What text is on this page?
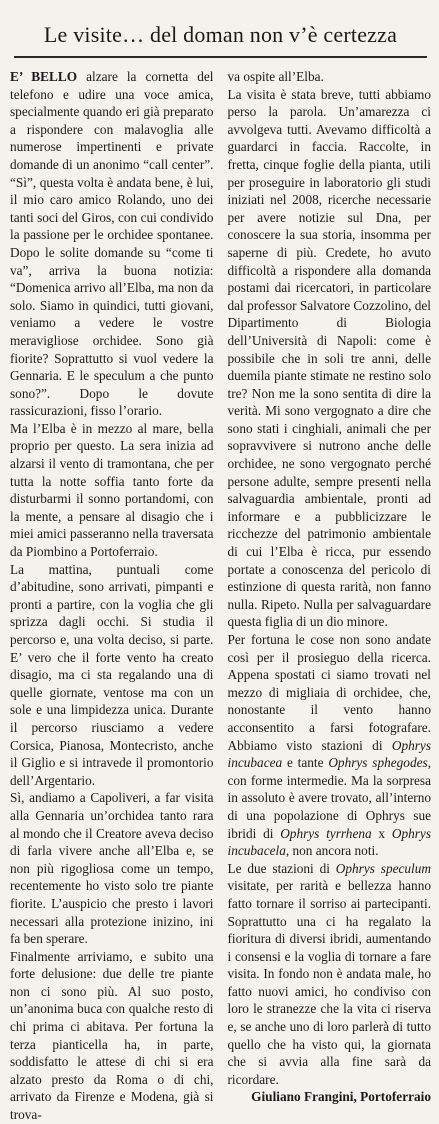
Le visite… del doman non v’è certezza

E’ BELLO alzare la cornetta del telefono e udire una voce amica, specialmente quando eri già preparato a rispondere con malavoglia alle numerose impertinenti e private domande di un anonimo “call center”. “Sì”, questa volta è andata bene, è lui, il mio caro amico Rolando, uno dei tanti soci del Giros, con cui condivido la passione per le orchidee spontanee. Dopo le solite domande su “come ti va”, arriva la buona notizia: “Domenica arrivo all’Elba, ma non da solo. Siamo in quindici, tutti giovani, veniamo a vedere le vostre meravigliose orchidee. Sono già fiorite? Soprattutto si vuol vedere la Gennaria. E le speculum a che punto sono?”. Dopo le dovute rassicurazioni, fisso l’orario.

Ma l’Elba è in mezzo al mare, bella proprio per questo. La sera inizia ad alzarsi il vento di tramontana, che per tutta la notte soffia tanto forte da disturbarmi il sonno portandomi, con la mente, a pensare al disagio che i miei amici passeranno nella traversata da Piombino a Portoferraio.

La mattina, puntuali come d’abitudine, sono arrivati, pimpanti e pronti a partire, con la voglia che gli sprizza dagli occhi. Si studia il percorso e, una volta deciso, si parte. E’ vero che il forte vento ha creato disagio, ma ci sta regalando una di quelle giornate, ventose ma con un sole e una limpidezza unica. Durante il percorso riusciamo a vedere Corsica, Pianosa, Montecristo, anche il Giglio e si intravede il promontorio dell’Argentario.

Sì, andiamo a Capoliveri, a far visita alla Gennaria un’orchidea tanto rara al mondo che il Creatore aveva deciso di farla vivere anche all’Elba e, se non più rigogliosa come un tempo, recentemente ho visto solo tre piante fiorite. L’auspicio che presto i lavori necessari alla protezione inizino, ini fa ben sperare.

Finalmente arriviamo, e subito una forte delusione: due delle tre piante non ci sono più. Al suo posto, un’anonima buca con qualche resto di chi prima ci abitava. Per fortuna la terza pianticella ha, in parte, soddisfatto le attese di chi si era alzato presto da Roma o di chi, arrivato da Firenze e Modena, già si trova-

va ospite all’Elba.

La visita è stata breve, tutti abbiamo perso la parola. Un’amarezza ci avvolgeva tutti. Avevamo difficoltà a guardarci in faccia. Raccolte, in fretta, cinque foglie della pianta, utili per proseguire in laboratorio gli studi iniziati nel 2008, ricerche necessarie per avere notizie sul Dna, per conoscere la sua storia, insomma per saperne di più. Credete, ho avuto difficoltà a rispondere alla domanda postami dai ricercatori, in particolare dal professor Salvatore Cozzolino, del Dipartimento di Biologia dell’Università di Napoli: come è possibile che in soli tre anni, delle duemila piante stimate ne restino solo tre? Non me la sono sentita di dire la verità. Mi sono vergognato a dire che sono stati i cinghiali, animali che per sopravvivere si nutrono anche delle orchidee, ne sono vergognato perché persone adulte, sempre presenti nella salvaguardia ambientale, pronti ad informare e a pubblicizzare le ricchezze del patrimonio ambientale di cui l’Elba è ricca, pur essendo portate a conoscenza del pericolo di estinzione di questa rarità, non fanno nulla. Ripeto. Nulla per salvaguardare questa figlia di un dio minore.

Per fortuna le cose non sono andate così per il prosieguo della ricerca. Appena spostati ci siamo trovati nel mezzo di migliaia di orchidee, che, nonostante il vento hanno acconsentito a farsi fotografare. Abbiamo visto stazioni di Ophrys incubacea e tante Ophrys sphegodes, con forme intermedie. Ma la sorpresa in assoluto è avere trovato, all’interno di una popolazione di Ophrys sue ibridi di Ophrys tyrrhena x Ophrys incubacela, non ancora noti.

Le due stazioni di Ophrys speculum visitate, per rarità e bellezza hanno fatto tornare il sorriso ai partecipanti. Soprattutto una ci ha regalato la fioritura di diversi ibridi, aumentando i consensi e la voglia di tornare a fare visita. In fondo non è andata male, ho fatto nuovi amici, ho condiviso con loro le stranezze che la vita ci riserva e, se anche uno di loro parlerà di tutto quello che ha visto qui, la giornata che si avvia alla fine sarà da ricordare.

Giuliano Frangini, Portoferraio
